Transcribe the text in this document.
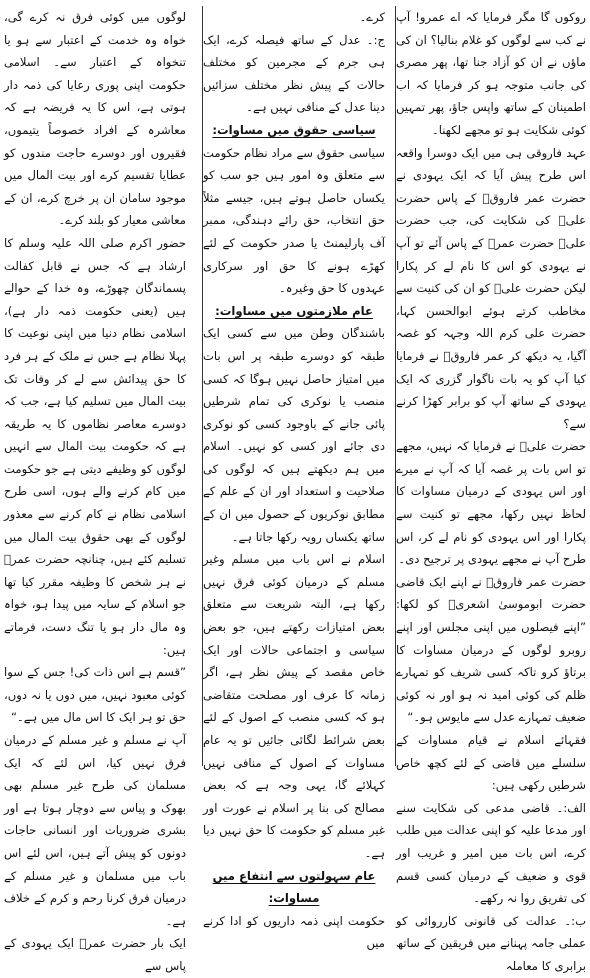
روکوں گا مگر فرمایا کہ اے عمرو! آپ نے کب سے لوگوں کو غلام بنالیا؟ ان کی ماؤں نے ان کو آزاد جنا تھا، پھر مصری کی جانب متوجہ ہو کر فرمایا کہ اب اطمینان کے ساتھ واپس جاؤ، پھر تمہیں کوئی شکایت ہو تو مجھے لکھنا۔

عہد فاروقی ہی میں ایک دوسرا واقعہ اس طرح پیش آیا کہ ایک یہودی نے حضرت عمر فاروقؓ کے پاس حضرت علیؓ کی شکایت کی، جب حضرت علیؓ حضرت عمرؓ کے پاس آئے تو آپ نے یہودی کو اس کا نام لے کر پکارا لیکن حضرت علیؓ کو ان کی کنیت سے مخاطب کرتے ہوئے ابوالحسن کہا، حضرت علی کرم اللہ وجہہ کو غصہ آگیا، یہ دیکھ کر عمر فاروقؓ نے فرمایا کیا آپ کو یہ بات ناگوار گزری کہ ایک یہودی کے ساتھ آپ کو برابر کھڑا کرنے سے؟

حضرت علیؓ نے فرمایا کہ نہیں، مجھے تو اس بات پر غصہ آیا کہ آپ نے میرے اور اس یہودی کے درمیان مساوات کا لحاظ نہیں رکھا، مجھے تو کنیت سے پکارا اور اس یہودی کو نام لے کر، اس طرح آپ نے مجھے یہودی پر ترجیح دی۔

حضرت عمر فاروقؓ نے اپنے ایک قاضی حضرت ابوموسیٰ اشعریؓ کو لکھا: ”اپنے فیصلوں میں اپنی مجلس اور اپنے روبرو لوگوں کے درمیان مساوات کا برتاؤ کرو تاکہ کسی شریف کو تمہارے ظلم کی کوئی امید نہ ہو اور نہ کوئی ضعیف تمہارے عدل سے مایوس ہو۔“

فقہائے اسلام نے قیام مساوات کے سلسلے میں قاضی کے لئے کچھ خاص شرطیں رکھی ہیں:

الف:۔ قاضی مدعی کی شکایت سنے اور مدعا علیہ کو اپنی عدالت میں طلب کرے، اس بات میں امیر و غریب اور قوی و ضعیف کے درمیان کسی قسم کی تفریق روا نہ رکھے۔

ب:۔ عدالت کی قانونی کارروائی کو عملی جامہ پہنانے میں فریقین کے ساتھ برابری کا معاملہ

کرے۔

ج:۔ عدل کے ساتھ فیصلہ کرے، ایک ہی جرم کے مجرمین کو مختلف حالات کے پیش نظر مختلف سزائیں دینا عدل کے منافی نہیں ہے۔

سیاسی حقوق میں مساوات:

سیاسی حقوق سے مراد نظام حکومت سے متعلق وہ امور ہیں جو سب کو یکساں حاصل ہوتے ہیں، جیسے مثلاً حق انتخاب، حق رائے دہندگی، ممبر آف پارلیمنٹ یا صدر حکومت کے لئے کھڑے ہونے کا حق اور سرکاری عہدوں کا حق وغیرہ۔

عام ملازمتوں میں مساوات:

باشندگان وطن میں سے کسی ایک طبقہ کو دوسرے طبقہ پر اس بات میں امتیاز حاصل نہیں ہوگا کہ کسی منصب یا نوکری کی تمام شرطیں پائی جانے کے باوجود کسی کو نوکری دی جائے اور کسی کو نہیں۔ اسلام میں ہم دیکھتے ہیں کہ لوگوں کی صلاحیت و استعداد اور ان کے علم کے مطابق نوکریوں کے حصول میں ان کے ساتھ یکساں رویہ رکھا جاتا ہے۔

اسلام نے اس باب میں مسلم وغیر مسلم کے درمیان کوئی فرق نہیں رکھا ہے، البتہ شریعت سے متعلق بعض امتیازات رکھتے ہیں، جو بعض سیاسی و اجتماعی حالات اور ایک خاص مقصد کے پیش نظر ہے، اگر زمانہ کا عرف اور مصلحت متقاضی ہو کہ کسی منصب کے اصول کے لئے بعض شرائط لگائی جائیں تو یہ عام مساوات کے اصول کے منافی نہیں کہلائے گا، یہی وجہ ہے کہ بعض مصالح کی بنا پر اسلام نے عورت اور غیر مسلم کو حکومت کا حق نہیں دیا ہے۔

عام سہولتوں سے انتفاع میں مساوات:

حکومت اپنی ذمہ داریوں کو ادا کرنے میں

لوگوں میں کوئی فرق نہ کرے گی، خواہ وہ خدمت کے اعتبار سے ہو یا تنخواہ کے اعتبار سے۔ اسلامی حکومت اپنی پوری رعایا کی ذمہ دار ہوتی ہے، اس کا یہ فریضہ ہے کہ معاشرہ کے افراد خصوصاً یتیموں، فقیروں اور دوسرے حاجت مندوں کو عطایا تقسیم کرے اور بیت المال میں موجود سامان ان پر خرچ کرے، ان کے معاشی معیار کو بلند کرے۔

حضور اکرم صلی اللہ علیہ وسلم کا ارشاد ہے کہ جس نے قابل کفالت پسماندگان چھوڑے، وہ خدا کے حوالے ہیں (یعنی حکومت ذمہ دار ہے)، اسلامی نظام دنیا میں اپنی نوعیت کا پہلا نظام ہے جس نے ملک کے ہر فرد کا حق پیدائش سے لے کر وفات تک بیت المال میں تسلیم کیا ہے، جب کہ دوسرے معاصر نظاموں کا یہ طریقہ ہے کہ حکومت بیت المال سے انہیں لوگوں کو وظیفے دیتی ہے جو حکومت میں کام کرنے والے ہوں، اسی طرح اسلامی نظام نے کام کرنے سے معذور لوگوں کے بھی حقوق بیت المال میں تسلیم کئے ہیں، چنانچہ حضرت عمرؓ نے ہر شخص کا وظیفہ مقرر کیا تھا جو اسلام کے سایہ میں پیدا ہو، خواہ وہ مال دار ہو یا تنگ دست، فرماتے ہیں:

”قسم ہے اس ذات کی! جس کے سوا کوئی معبود نہیں، میں دوں یا نہ دوں، حق تو ہر ایک کا اس مال میں ہے۔“

آپ نے مسلم و غیر مسلم کے درمیان فرق نہیں کیا، اس لئے کہ ایک مسلمان کی طرح غیر مسلم بھی بھوک و پیاس سے دوچار ہوتا ہے اور بشری ضروریات اور انسانی حاجات دونوں کو پیش آتے ہیں، اس لئے اس باب میں مسلمان و غیر مسلم کے درمیان فرق کرنا رحم و کرم کے خلاف ہے۔

ایک بار حضرت عمرؓ ایک یہودی کے پاس سے
